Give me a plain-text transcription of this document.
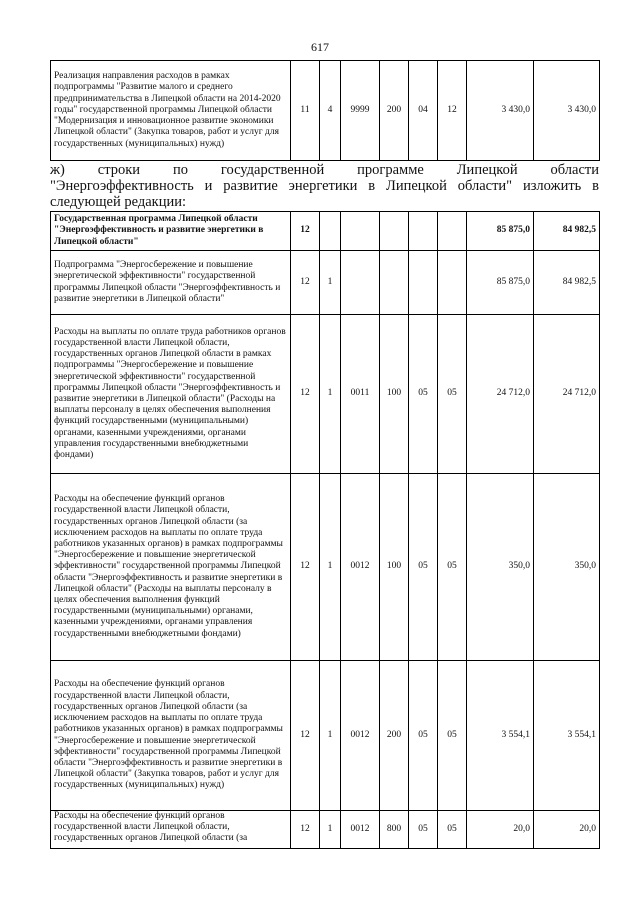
617
Реализация направления расходов в рамках подпрограммы "Развитие малого и среднего предпринимательства в Липецкой области на 2014-2020 годы" государственной программы Липецкой области "Модернизация и инновационное развитие экономики Липецкой области" (Закупка товаров, работ и услуг для государственных (муниципальных) нужд)	11	4	9999	200	04	12	3 430,0	3 430,0
ж) строки по государственной программе Липецкой области
"Энергоэффективность и развитие энергетики в Липецкой области" изложить в
следующей редакции:
Государственная программа Липецкой области "Энергоэффективность и развитие энергетики в Липецкой области"	12						85 875,0	84 982,5
Подпрограмма "Энергосбережение и повышение энергетической эффективности" государственной программы Липецкой области "Энергоэффективность и развитие энергетики в Липецкой области"	12	1					85 875,0	84 982,5
Расходы на выплаты по оплате труда работников органов государственной власти Липецкой области, государственных органов Липецкой области в рамках подпрограммы "Энергосбережение и повышение энергетической эффективности" государственной программы Липецкой области "Энергоэффективность и развитие энергетики в Липецкой области" (Расходы на выплаты персоналу в целях обеспечения выполнения функций государственными (муниципальными) органами, казенными учреждениями, органами управления государственными внебюджетными фондами)	12	1	0011	100	05	05	24 712,0	24 712,0
Расходы на обеспечение функций органов государственной власти Липецкой области, государственных органов Липецкой области (за исключением расходов на выплаты по оплате труда работников указанных органов) в рамках подпрограммы "Энергосбережение и повышение энергетической эффективности" государственной программы Липецкой области "Энергоэффективность и развитие энергетики в Липецкой области" (Расходы на выплаты персоналу в целях обеспечения выполнения функций государственными (муниципальными) органами, казенными учреждениями, органами управления государственными внебюджетными фондами)	12	1	0012	100	05	05	350,0	350,0
Расходы на обеспечение функций органов государственной власти Липецкой области, государственных органов Липецкой области (за исключением расходов на выплаты по оплате труда работников указанных органов) в рамках подпрограммы "Энергосбережение и повышение энергетической эффективности" государственной программы Липецкой области "Энергоэффективность и развитие энергетики в Липецкой области" (Закупка товаров, работ и услуг для государственных (муниципальных) нужд)	12	1	0012	200	05	05	3 554,1	3 554,1
Расходы на обеспечение функций органов государственной власти Липецкой области, государственных органов Липецкой области (за	12	1	0012	800	05	05	20,0	20,0
